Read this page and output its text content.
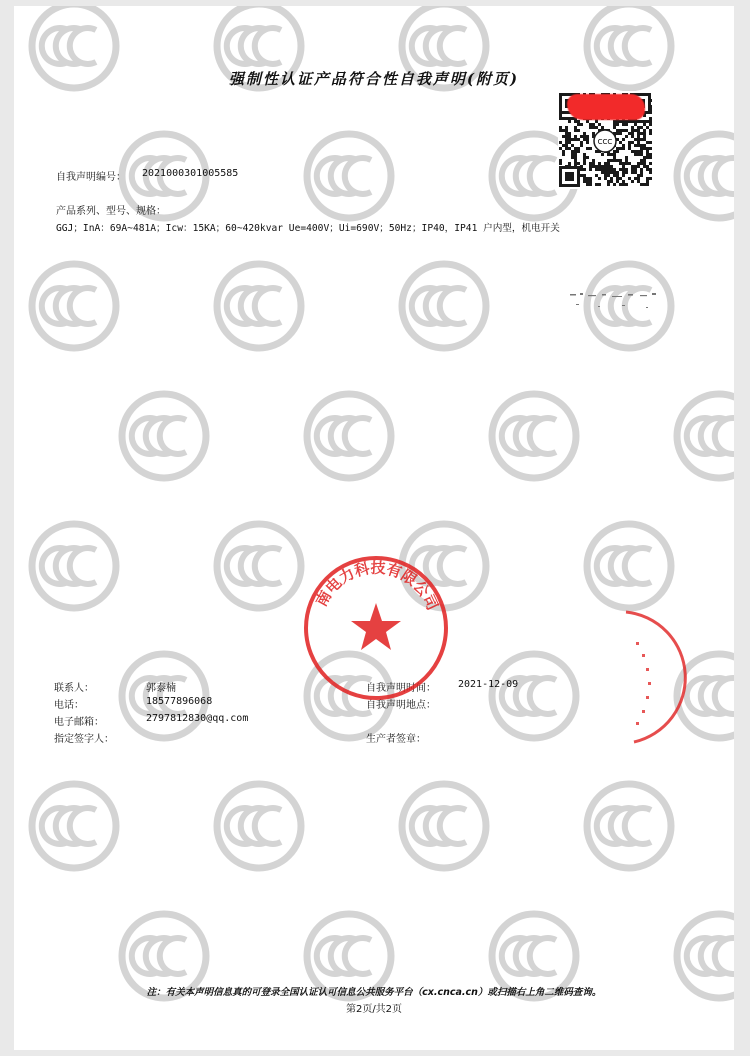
强制性认证产品符合性自我声明(附页)
CCC
自我声明编号： 2021000301005585
产品系列、型号、规格：
GGJ；InA：69A~481A；Icw：15KA；60~420kvar Ue=400V；Ui=690V；50Hz；IP40，IP41 户内型，机电开关
联系人：	郭泰楠
电话：	18577896068
电子邮箱：	2797812830@qq.com
指定签字人：
自我声明时间： 2021-12-09
自我声明地点：
生产者签章：
南电力科技有限公司
注：有关本声明信息真的可登录全国认证认可信息公共服务平台（cx.cnca.cn）或扫描右上角二维码查询。
第2页/共2页
